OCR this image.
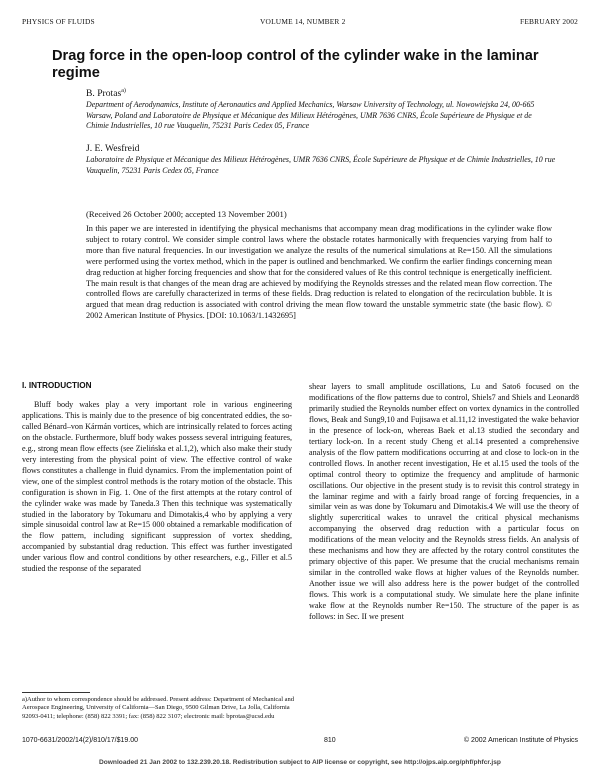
PHYSICS OF FLUIDS	VOLUME 14, NUMBER 2	FEBRUARY 2002
Drag force in the open-loop control of the cylinder wake in the laminar regime
B. Protas$^{a)}$
Department of Aerodynamics, Institute of Aeronautics and Applied Mechanics, Warsaw University of Technology, ul. Nowowiejska 24, 00-665 Warsaw, Poland and Laboratoire de Physique et Mécanique des Milieux Hétérogènes, UMR 7636 CNRS, École Supérieure de Physique et de Chimie Industrielles, 10 rue Vauquelin, 75231 Paris Cedex 05, France
J. E. Wesfreid
Laboratoire de Physique et Mécanique des Milieux Hétérogènes, UMR 7636 CNRS, École Supérieure de Physique et de Chimie Industrielles, 10 rue Vauquelin, 75231 Paris Cedex 05, France
(Received 26 October 2000; accepted 13 November 2001)

In this paper we are interested in identifying the physical mechanisms that accompany mean drag modifications in the cylinder wake flow subject to rotary control. We consider simple control laws where the obstacle rotates harmonically with frequencies varying from half to more than five natural frequencies. In our investigation we analyze the results of the numerical simulations at Re=150. All the simulations were performed using the vortex method, which in the paper is outlined and benchmarked. We confirm the earlier findings concerning mean drag reduction at higher forcing frequencies and show that for the considered values of Re this control technique is energetically inefficient. The main result is that changes of the mean drag are achieved by modifying the Reynolds stresses and the related mean flow correction. The controlled flows are carefully characterized in terms of these fields. Drag reduction is related to elongation of the recirculation bubble. It is argued that mean drag reduction is associated with control driving the mean flow toward the unstable symmetric state (the basic flow). © 2002 American Institute of Physics. [DOI: 10.1063/1.1432695]

I. INTRODUCTION

Bluff body wakes play a very important role in various engineering applications. This is mainly due to the presence of big concentrated eddies, the so-called Bénard–von Kármán vortices, which are intrinsically related to forces acting on the obstacle. Furthermore, bluff body wakes possess several intriguing features, e.g., strong mean flow effects (see Zielińska et al.1,2), which also make their study very interesting from the physical point of view. The effective control of wake flows constitutes a challenge in fluid dynamics. From the implementation point of view, one of the simplest control methods is the rotary motion of the obstacle. This configuration is shown in Fig. 1. One of the first attempts at the rotary control of the cylinder wake was made by Taneda.3 Then this technique was systematically studied in the laboratory by Tokumaru and Dimotakis,4 who by applying a very simple sinusoidal control law at Re=15 000 obtained a remarkable modification of the flow pattern, including significant suppression of vortex shedding, accompanied by substantial drag reduction. This effect was further investigated under various flow and control conditions by other researchers, e.g., Filler et al.5 studied the response of the separated

shear layers to small amplitude oscillations, Lu and Sato6 focused on the modifications of the flow patterns due to control, Shiels7 and Shiels and Leonard8 primarily studied the Reynolds number effect on vortex dynamics in the controlled flows, Beak and Sung9,10 and Fujisawa et al.11,12 investigated the wake behavior in the presence of lock-on, whereas Baek et al.13 studied the secondary and tertiary lock-on. In a recent study Cheng et al.14 presented a comprehensive analysis of the flow pattern modifications occurring at and close to lock-on in the controlled flows. In another recent investigation, He et al.15 used the tools of the optimal control theory to optimize the frequency and amplitude of harmonic oscillations. Our objective in the present study is to revisit this control strategy in the laminar regime and with a fairly broad range of forcing frequencies, in a similar vein as was done by Tokumaru and Dimotakis.4 We will use the theory of slightly supercritical wakes to unravel the critical physical mechanisms accompanying the observed drag reduction with a particular focus on modifications of the mean velocity and the Reynolds stress fields. An analysis of these mechanisms and how they are affected by the rotary control constitutes the primary objective of this paper. We presume that the crucial mechanisms remain similar in the controlled wake flows at higher values of the Reynolds number. Another issue we will also address here is the power budget of the controlled flows. This work is a computational study. We simulate here the plane infinite wake flow at the Reynolds number Re=150. The structure of the paper is as follows: in Sec. II we present

a)Author to whom correspondence should be addressed. Present address: Department of Mechanical and Aerospace Engineering, University of California—San Diego, 9500 Gilman Drive, La Jolla, California 92093-0411; telephone: (858) 822 3391; fax: (858) 822 3107; electronic mail: bprotas@ucsd.edu

1070-6631/2002/14(2)/810/17/$19.00	810	© 2002 American Institute of Physics
Downloaded 21 Jan 2002 to 132.239.20.18. Redistribution subject to AIP license or copyright, see http://ojps.aip.org/phf/phfcr.jsp
